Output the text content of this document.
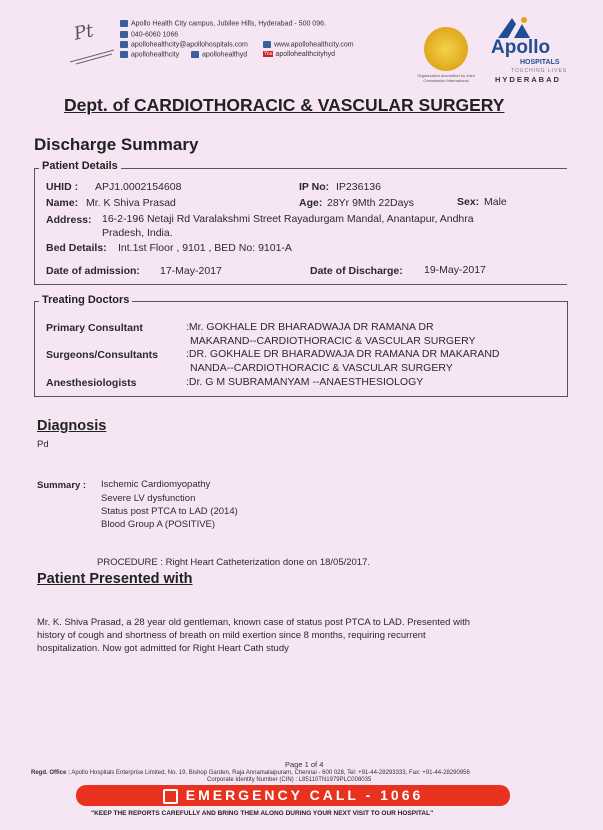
Pt	Apollo Health City campus, Jubilee Hills, Hyderabad - 500 096.
040-6060 1066
apollohealthcity@apollohospitals.com	www.apollohealthcity.com
apollohealthcity	apollohealthyd	You apollohealthcityhyd
Organization Accredited by Joint Commission International
Apollo
HOSPITALS
TOUCHING LIVES
HYDERABAD
Dept. of CARDIOTHORACIC & VASCULAR SURGERY
Discharge Summary
Patient Details
UHID : APJ1.0002154608	IP No: IP236136
Name: Mr. K Shiva Prasad	Age: 28Yr 9Mth 22Days	Sex: Male
Address: 16-2-196 Netaji Rd Varalakshmi Street Rayadurgam Mandal, Anantapur, Andhra
Pradesh, India.
Bed Details: Int.1st Floor , 9101 , BED No: 9101-A
Date of admission: 17-May-2017	Date of Discharge: 19-May-2017
Treating Doctors
Primary Consultant	:Mr. GOKHALE DR BHARADWAJA DR RAMANA DR
MAKARAND--CARDIOTHORACIC & VASCULAR SURGERY
Surgeons/Consultants	:DR. GOKHALE DR BHARADWAJA DR RAMANA DR MAKARAND
NANDA--CARDIOTHORACIC & VASCULAR SURGERY
Anesthesiologists	:Dr. G M SUBRAMANYAM --ANAESTHESIOLOGY
Diagnosis
Pd
Summary : Ischemic Cardiomyopathy
Severe LV dysfunction
Status post PTCA to LAD (2014)
Blood Group A (POSITIVE)
PROCEDURE : Right Heart Catheterization done on 18/05/2017.
Patient Presented with
Mr. K. Shiva Prasad, a 28 year old gentleman, known case of status post PTCA to LAD. Presented with
history of cough and shortness of breath on mild exertion since 8 months, requiring recurrent
hospitalization. Now got admitted for Right Heart Cath study
Page 1 of 4
Regd. Office : Apollo Hospitals Enterprise Limited, No. 19, Bishop Garden, Raja Annamalaipuram, Chennai - 600 028, Tel: +91-44-28293333, Fax: +91-44-28290956
Corporate Identity Number (CIN) : L85110TN1979PLC008035
EMERGENCY CALL - 1066
"KEEP THE REPORTS CAREFULLY AND BRING THEM ALONG DURING YOUR NEXT VISIT TO OUR HOSPITAL"
